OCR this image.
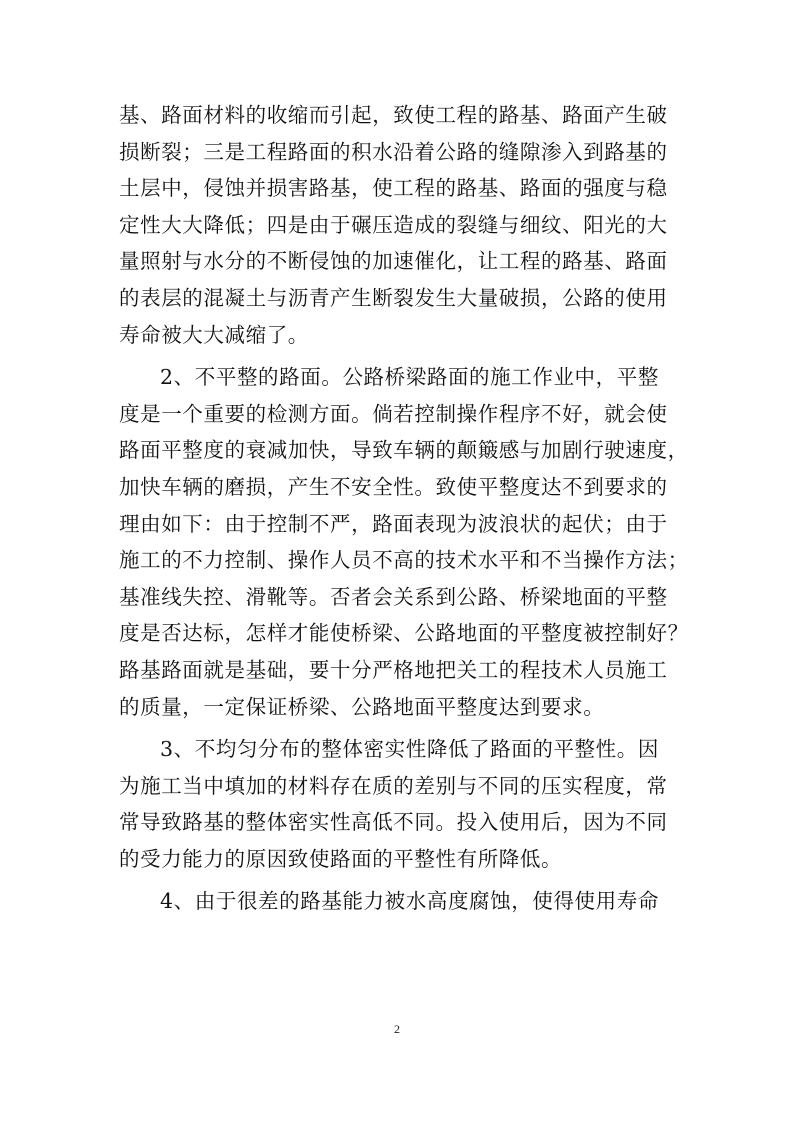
基、路面材料的收缩而引起，致使工程的路基、路面产生破
损断裂；三是工程路面的积水沿着公路的缝隙渗入到路基的
土层中，侵蚀并损害路基，使工程的路基、路面的强度与稳
定性大大降低；四是由于碾压造成的裂缝与细纹、阳光的大
量照射与水分的不断侵蚀的加速催化，让工程的路基、路面
的表层的混凝土与沥青产生断裂发生大量破损，公路的使用
寿命被大大减缩了。
2、不平整的路面。公路桥梁路面的施工作业中，平整
度是一个重要的检测方面。倘若控制操作程序不好，就会使
路面平整度的衰减加快，导致车辆的颠簸感与加剧行驶速度，
加快车辆的磨损，产生不安全性。致使平整度达不到要求的
理由如下：由于控制不严，路面表现为波浪状的起伏；由于
施工的不力控制、操作人员不高的技术水平和不当操作方法；
基准线失控、滑靴等。否者会关系到公路、桥梁地面的平整
度是否达标，怎样才能使桥梁、公路地面的平整度被控制好？
路基路面就是基础，要十分严格地把关工的程技术人员施工
的质量，一定保证桥梁、公路地面平整度达到要求。
3、不均匀分布的整体密实性降低了路面的平整性。因
为施工当中填加的材料存在质的差别与不同的压实程度，常
常导致路基的整体密实性高低不同。投入使用后，因为不同
的受力能力的原因致使路面的平整性有所降低。
4、由于很差的路基能力被水高度腐蚀，使得使用寿命
2
